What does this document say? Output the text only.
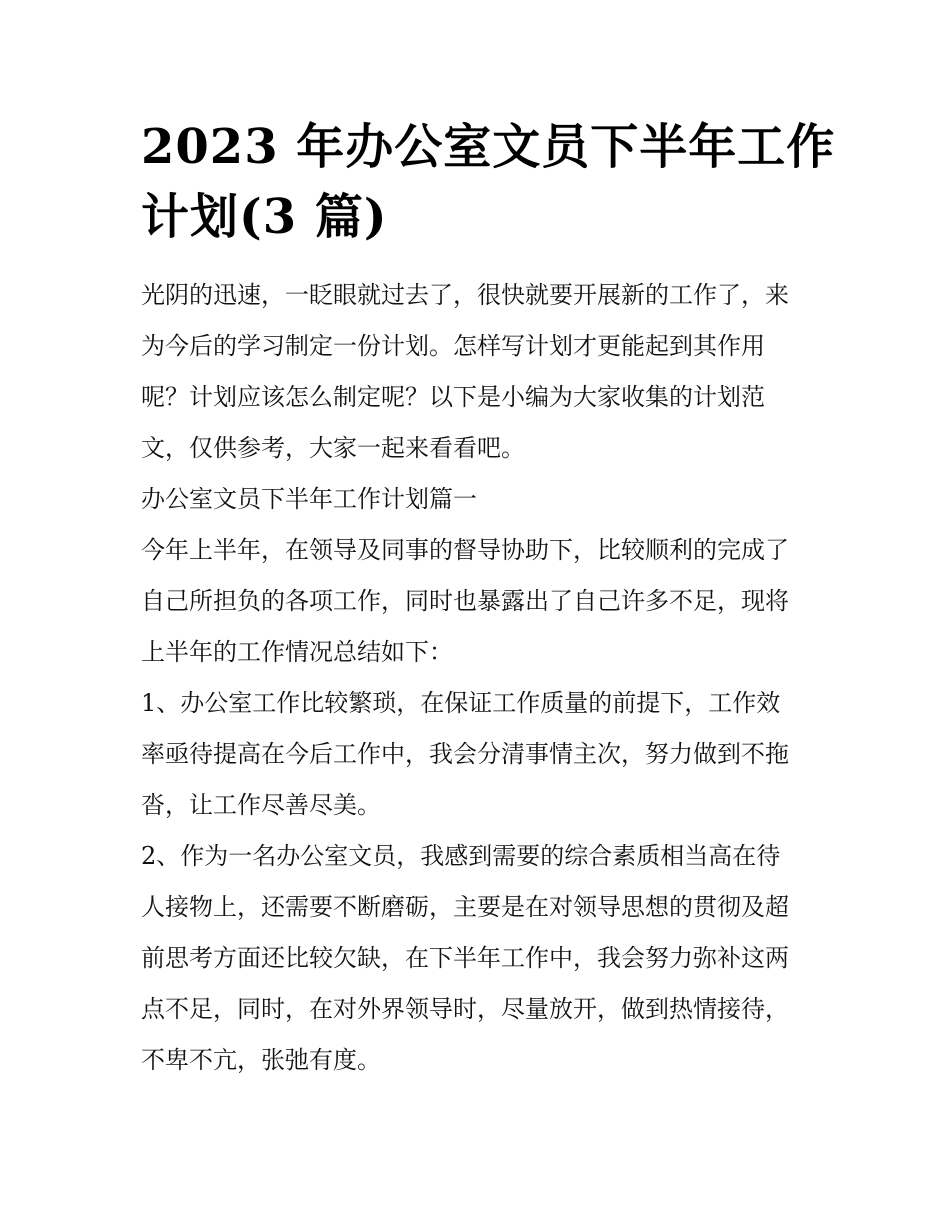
2023 年办公室文员下半年工作
计划(3 篇)

光阴的迅速，一眨眼就过去了，很快就要开展新的工作了，来
为今后的学习制定一份计划。怎样写计划才更能起到其作用
呢？计划应该怎么制定呢？以下是小编为大家收集的计划范
文，仅供参考，大家一起来看看吧。

办公室文员下半年工作计划篇一

今年上半年，在领导及同事的督导协助下，比较顺利的完成了
自己所担负的各项工作，同时也暴露出了自己许多不足，现将
上半年的工作情况总结如下：

1、办公室工作比较繁琐，在保证工作质量的前提下，工作效
率亟待提高在今后工作中，我会分清事情主次，努力做到不拖
沓，让工作尽善尽美。

2、作为一名办公室文员，我感到需要的综合素质相当高在待
人接物上，还需要不断磨砺，主要是在对领导思想的贯彻及超
前思考方面还比较欠缺，在下半年工作中，我会努力弥补这两
点不足，同时，在对外界领导时，尽量放开，做到热情接待，
不卑不亢，张弛有度。
